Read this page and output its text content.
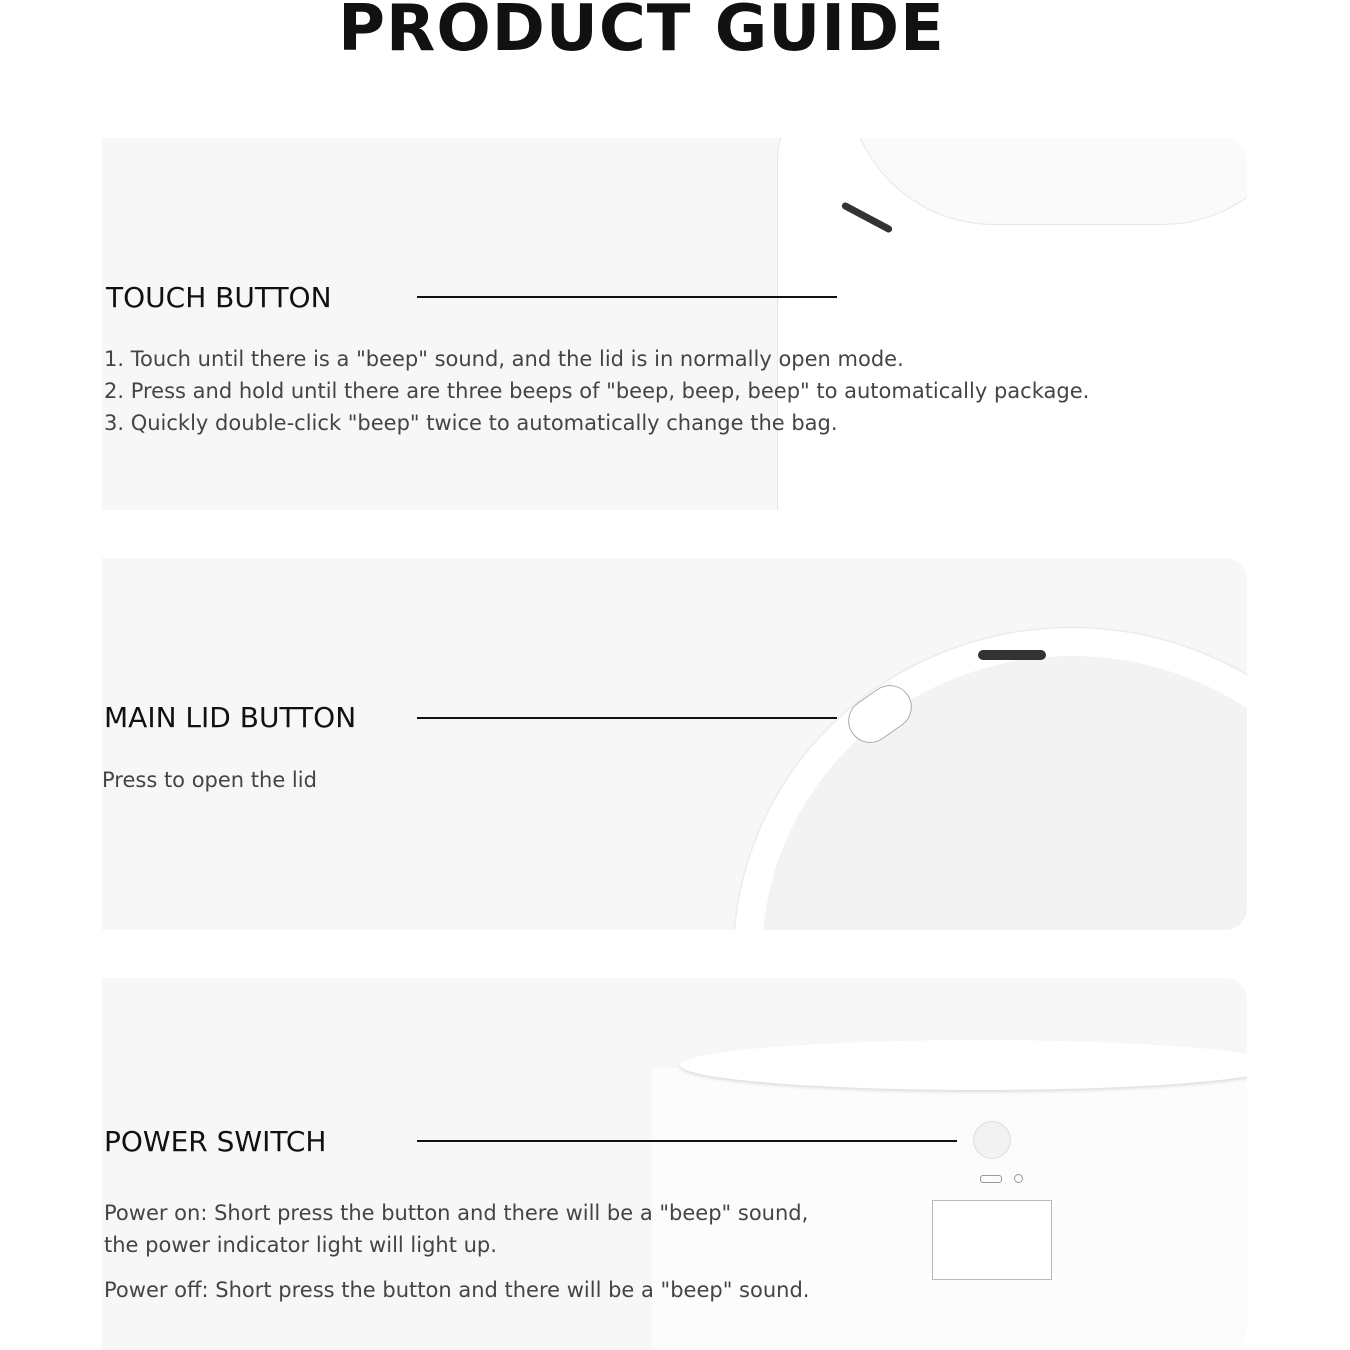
PRODUCT GUIDE
TOUCH BUTTON
1. Touch until there is a "beep" sound, and the lid is in normally open mode.
2. Press and hold until there are three beeps of "beep, beep, beep" to automatically package.
3. Quickly double-click "beep" twice to automatically change the bag.
MAIN LID BUTTON
Press to open the lid
POWER SWITCH
Power on: Short press the button and there will be a "beep" sound,
the power indicator light will light up.
Power off: Short press the button and there will be a "beep" sound.
